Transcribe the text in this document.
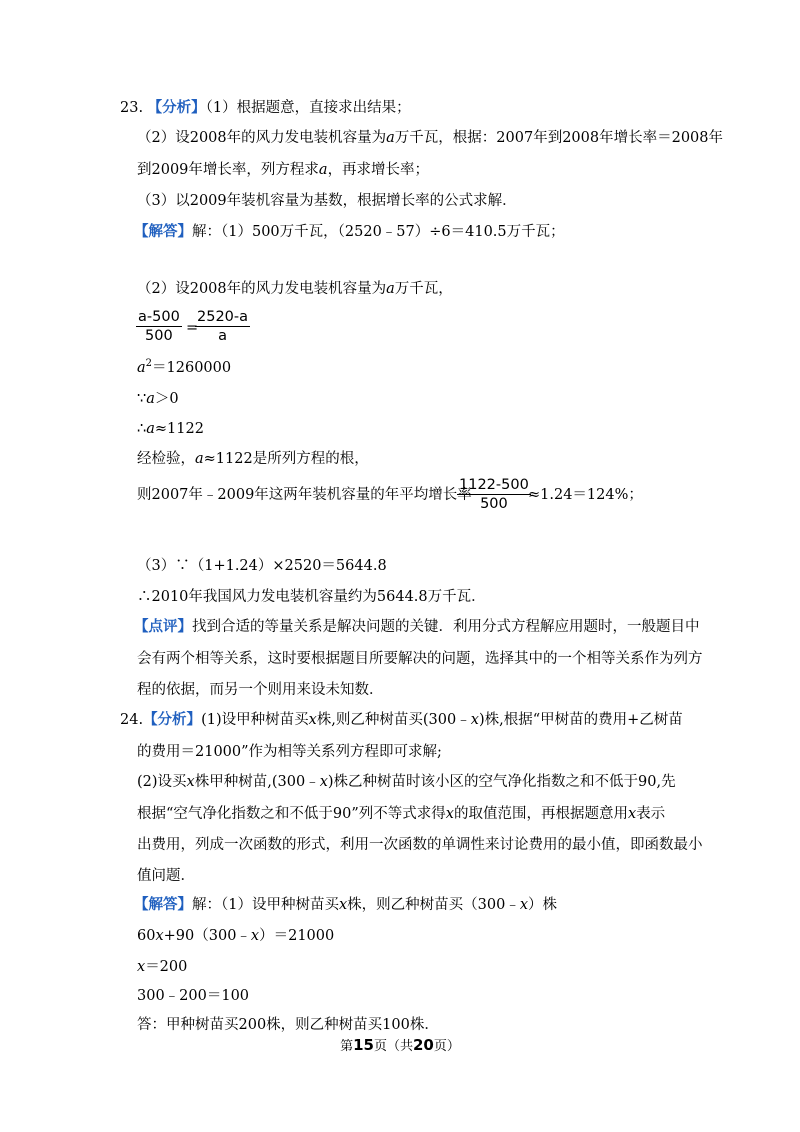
23. 【分析】（1）根据题意，直接求出结果；
（2）设2008年的风力发电装机容量为a万千瓦，根据：2007年到2008年增长率＝2008年
到2009年增长率，列方程求a，再求增长率；
（3）以2009年装机容量为基数，根据增长率的公式求解．
【解答】解：（1）500万千瓦，（2520﹣57）÷6＝410.5万千瓦；
（2）设2008年的风力发电装机容量为a万千瓦，
a-500
500 =
2520-a
a
$a^2=1260000$
∵a＞0
∴a≈1122
经检验，a≈1122是所列方程的根，
则2007年﹣2009年这两年装机容量的年平均增长率
1122-500
500
≈1.24＝124%；
（3）∵（1+1.24）×2520＝5644.8
∴2010年我国风力发电装机容量约为5644.8万千瓦．
【点评】找到合适的等量关系是解决问题的关键．利用分式方程解应用题时，一般题目中
会有两个相等关系，这时要根据题目所要解决的问题，选择其中的一个相等关系作为列方
程的依据，而另一个则用来设未知数．
24.【分析】(1)设甲种树苗买x株,则乙种树苗买(300﹣x)株,根据“甲树苗的费用+乙树苗
的费用＝21000”作为相等关系列方程即可求解;
(2)设买x株甲种树苗,(300﹣x)株乙种树苗时该小区的空气净化指数之和不低于90,先
根据“空气净化指数之和不低于90”列不等式求得x的取值范围，再根据题意用x表示
出费用，列成一次函数的形式，利用一次函数的单调性来讨论费用的最小值，即函数最小
值问题．
【解答】解：（1）设甲种树苗买x株，则乙种树苗买（300﹣x）株
60x+90（300﹣x）＝21000
x＝200
300﹣200＝100
答：甲种树苗买200株，则乙种树苗买100株．
第15页（共20页）
